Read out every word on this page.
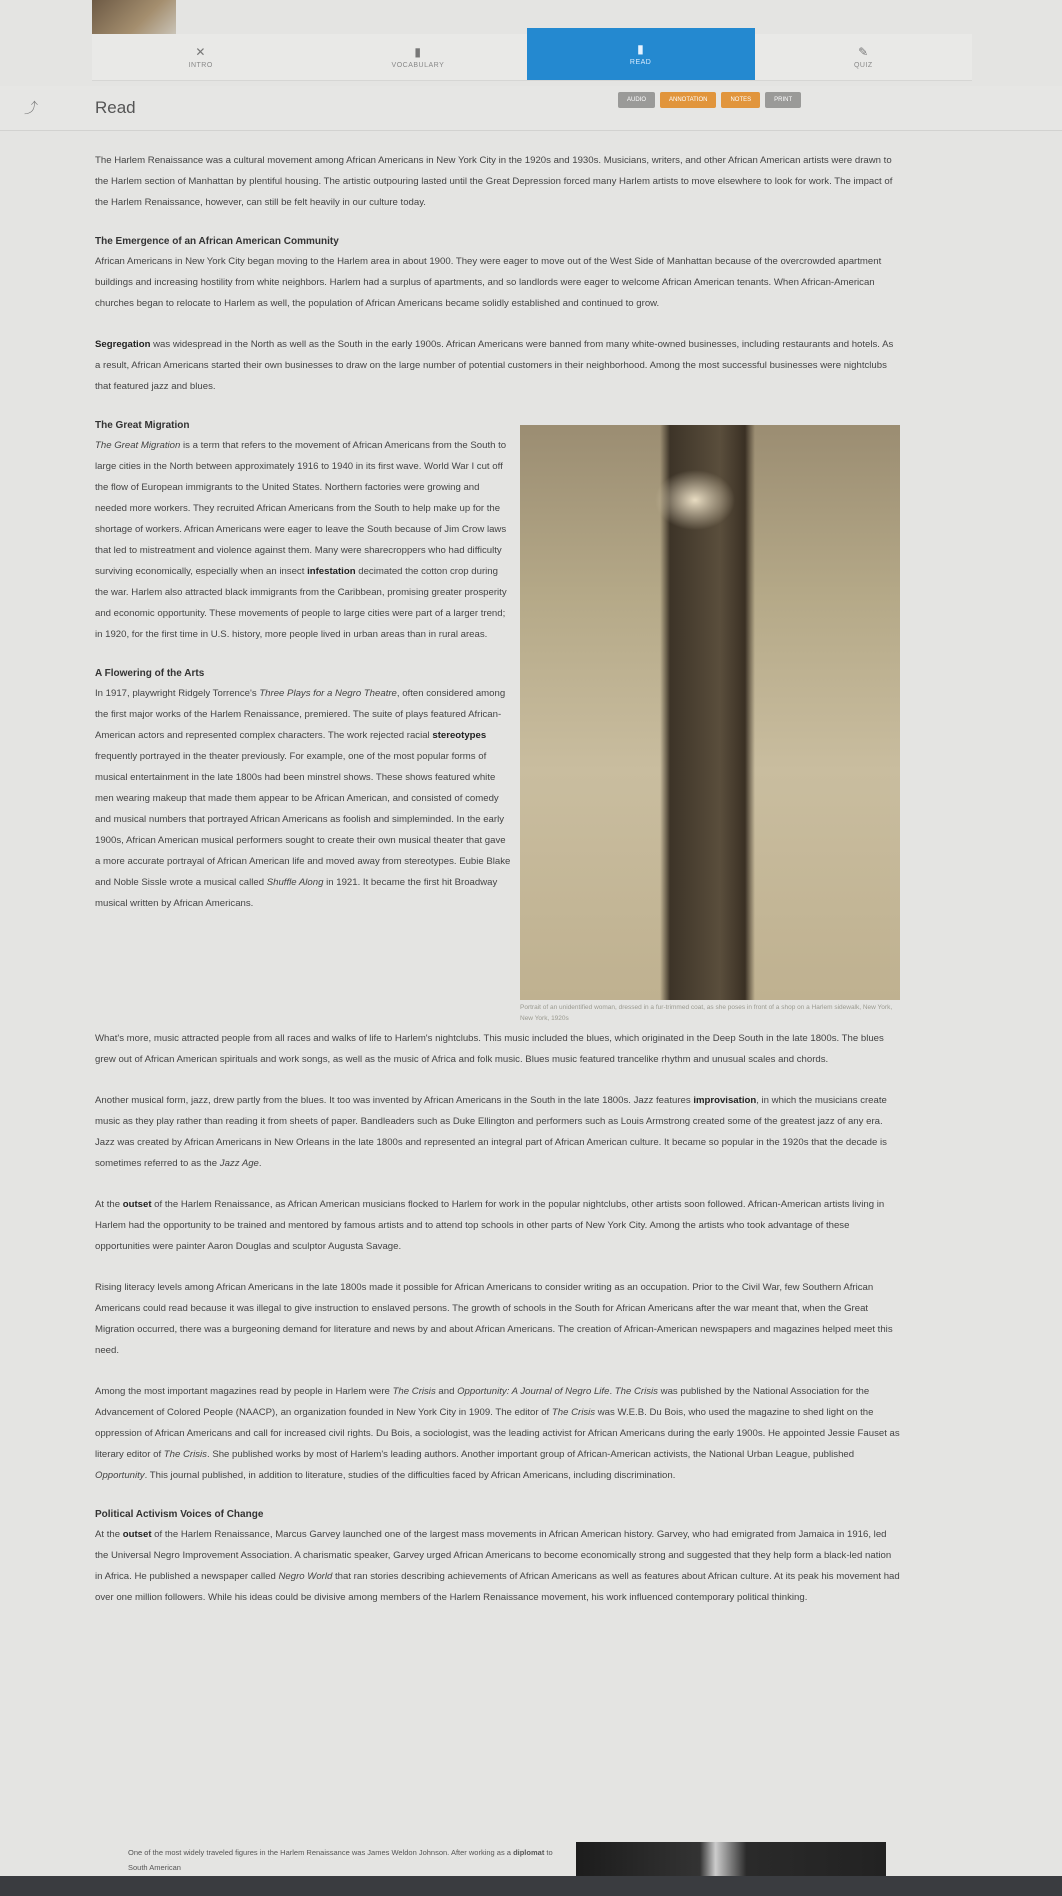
✕
INTRO
▮
VOCABULARY
▮
READ
✎
QUIZ
⤴	Read	AUDIO	ANNOTATION	NOTES	PRINT

The Harlem Renaissance was a cultural movement among African Americans in New York City in the 1920s and 1930s. Musicians, writers, and other African American artists were drawn to the Harlem section of Manhattan by plentiful housing. The artistic outpouring lasted until the Great Depression forced many Harlem artists to move elsewhere to look for work. The impact of the Harlem Renaissance, however, can still be felt heavily in our culture today.

The Emergence of an African American Community

African Americans in New York City began moving to the Harlem area in about 1900. They were eager to move out of the West Side of Manhattan because of the overcrowded apartment buildings and increasing hostility from white neighbors. Harlem had a surplus of apartments, and so landlords were eager to welcome African American tenants. When African-American churches began to relocate to Harlem as well, the population of African Americans became solidly established and continued to grow.

Segregation was widespread in the North as well as the South in the early 1900s. African Americans were banned from many white-owned businesses, including restaurants and hotels. As a result, African Americans started their own businesses to draw on the large number of potential customers in their neighborhood. Among the most successful businesses were nightclubs that featured jazz and blues.

Portrait of an unidentified woman, dressed in a fur-trimmed coat, as she poses in front of a shop on a Harlem sidewalk, New York, New York, 1920s
The Great Migration

The Great Migration is a term that refers to the movement of African Americans from the South to large cities in the North between approximately 1916 to 1940 in its first wave. World War I cut off the flow of European immigrants to the United States. Northern factories were growing and needed more workers. They recruited African Americans from the South to help make up for the shortage of workers. African Americans were eager to leave the South because of Jim Crow laws that led to mistreatment and violence against them. Many were sharecroppers who had difficulty surviving economically, especially when an insect infestation decimated the cotton crop during the war. Harlem also attracted black immigrants from the Caribbean, promising greater prosperity and economic opportunity. These movements of people to large cities were part of a larger trend; in 1920, for the first time in U.S. history, more people lived in urban areas than in rural areas.

A Flowering of the Arts

In 1917, playwright Ridgely Torrence's Three Plays for a Negro Theatre, often considered among the first major works of the Harlem Renaissance, premiered. The suite of plays featured African-American actors and represented complex characters. The work rejected racial stereotypes frequently portrayed in the theater previously. For example, one of the most popular forms of musical entertainment in the late 1800s had been minstrel shows. These shows featured white men wearing makeup that made them appear to be African American, and consisted of comedy and musical numbers that portrayed African Americans as foolish and simpleminded. In the early 1900s, African American musical performers sought to create their own musical theater that gave a more accurate portrayal of African American life and moved away from stereotypes. Eubie Blake and Noble Sissle wrote a musical called Shuffle Along in 1921. It became the first hit Broadway musical written by African Americans.

What's more, music attracted people from all races and walks of life to Harlem's nightclubs. This music included the blues, which originated in the Deep South in the late 1800s. The blues grew out of African American spirituals and work songs, as well as the music of Africa and folk music. Blues music featured trancelike rhythm and unusual scales and chords.

Another musical form, jazz, drew partly from the blues. It too was invented by African Americans in the South in the late 1800s. Jazz features improvisation, in which the musicians create music as they play rather than reading it from sheets of paper. Bandleaders such as Duke Ellington and performers such as Louis Armstrong created some of the greatest jazz of any era. Jazz was created by African Americans in New Orleans in the late 1800s and represented an integral part of African American culture. It became so popular in the 1920s that the decade is sometimes referred to as the Jazz Age.

At the outset of the Harlem Renaissance, as African American musicians flocked to Harlem for work in the popular nightclubs, other artists soon followed. African-American artists living in Harlem had the opportunity to be trained and mentored by famous artists and to attend top schools in other parts of New York City. Among the artists who took advantage of these opportunities were painter Aaron Douglas and sculptor Augusta Savage.

Rising literacy levels among African Americans in the late 1800s made it possible for African Americans to consider writing as an occupation. Prior to the Civil War, few Southern African Americans could read because it was illegal to give instruction to enslaved persons. The growth of schools in the South for African Americans after the war meant that, when the Great Migration occurred, there was a burgeoning demand for literature and news by and about African Americans. The creation of African-American newspapers and magazines helped meet this need.

Among the most important magazines read by people in Harlem were The Crisis and Opportunity: A Journal of Negro Life. The Crisis was published by the National Association for the Advancement of Colored People (NAACP), an organization founded in New York City in 1909. The editor of The Crisis was W.E.B. Du Bois, who used the magazine to shed light on the oppression of African Americans and call for increased civil rights. Du Bois, a sociologist, was the leading activist for African Americans during the early 1900s. He appointed Jessie Fauset as literary editor of The Crisis. She published works by most of Harlem's leading authors. Another important group of African-American activists, the National Urban League, published Opportunity. This journal published, in addition to literature, studies of the difficulties faced by African Americans, including discrimination.

Political Activism Voices of Change

At the outset of the Harlem Renaissance, Marcus Garvey launched one of the largest mass movements in African American history. Garvey, who had emigrated from Jamaica in 1916, led the Universal Negro Improvement Association. A charismatic speaker, Garvey urged African Americans to become economically strong and suggested that they help form a black-led nation in Africa. He published a newspaper called Negro World that ran stories describing achievements of African Americans as well as features about African culture. At its peak his movement had over one million followers. While his ideas could be divisive among members of the Harlem Renaissance movement, his work influenced contemporary political thinking.

One of the most widely traveled figures in the Harlem Renaissance was James Weldon Johnson. After working as a diplomat to South American
